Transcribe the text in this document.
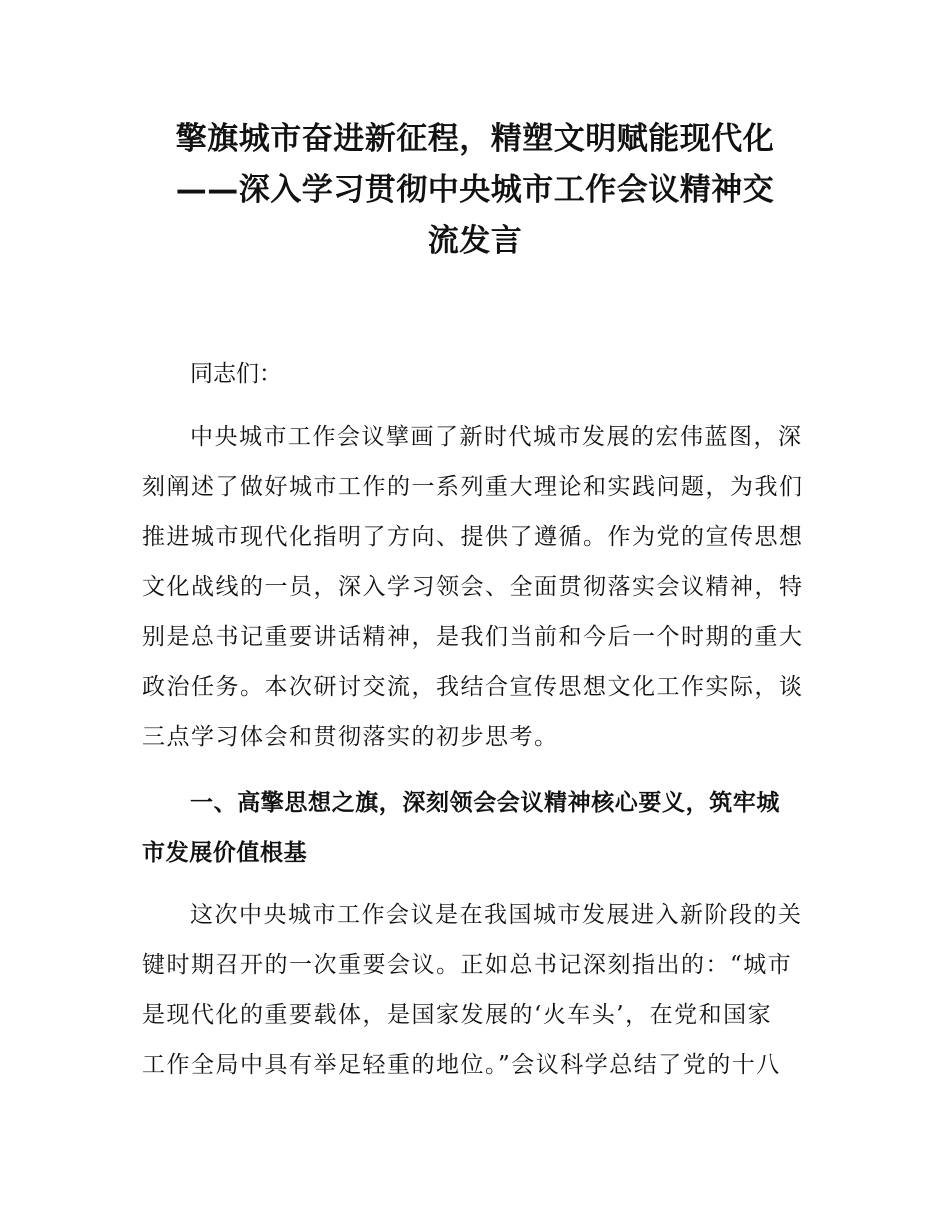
擎旗城市奋进新征程，精塑文明赋能现代化
——深入学习贯彻中央城市工作会议精神交
流发言
同志们：
中央城市工作会议擘画了新时代城市发展的宏伟蓝图，深
刻阐述了做好城市工作的一系列重大理论和实践问题，为我们
推进城市现代化指明了方向、提供了遵循。作为党的宣传思想
文化战线的一员，深入学习领会、全面贯彻落实会议精神，特
别是总书记重要讲话精神，是我们当前和今后一个时期的重大
政治任务。本次研讨交流，我结合宣传思想文化工作实际，谈
三点学习体会和贯彻落实的初步思考。
一、高擎思想之旗，深刻领会会议精神核心要义，筑牢城
市发展价值根基
这次中央城市工作会议是在我国城市发展进入新阶段的关
键时期召开的一次重要会议。正如总书记深刻指出的：“城市
是现代化的重要载体，是国家发展的‘火车头’，在党和国家
工作全局中具有举足轻重的地位。”会议科学总结了党的十八
